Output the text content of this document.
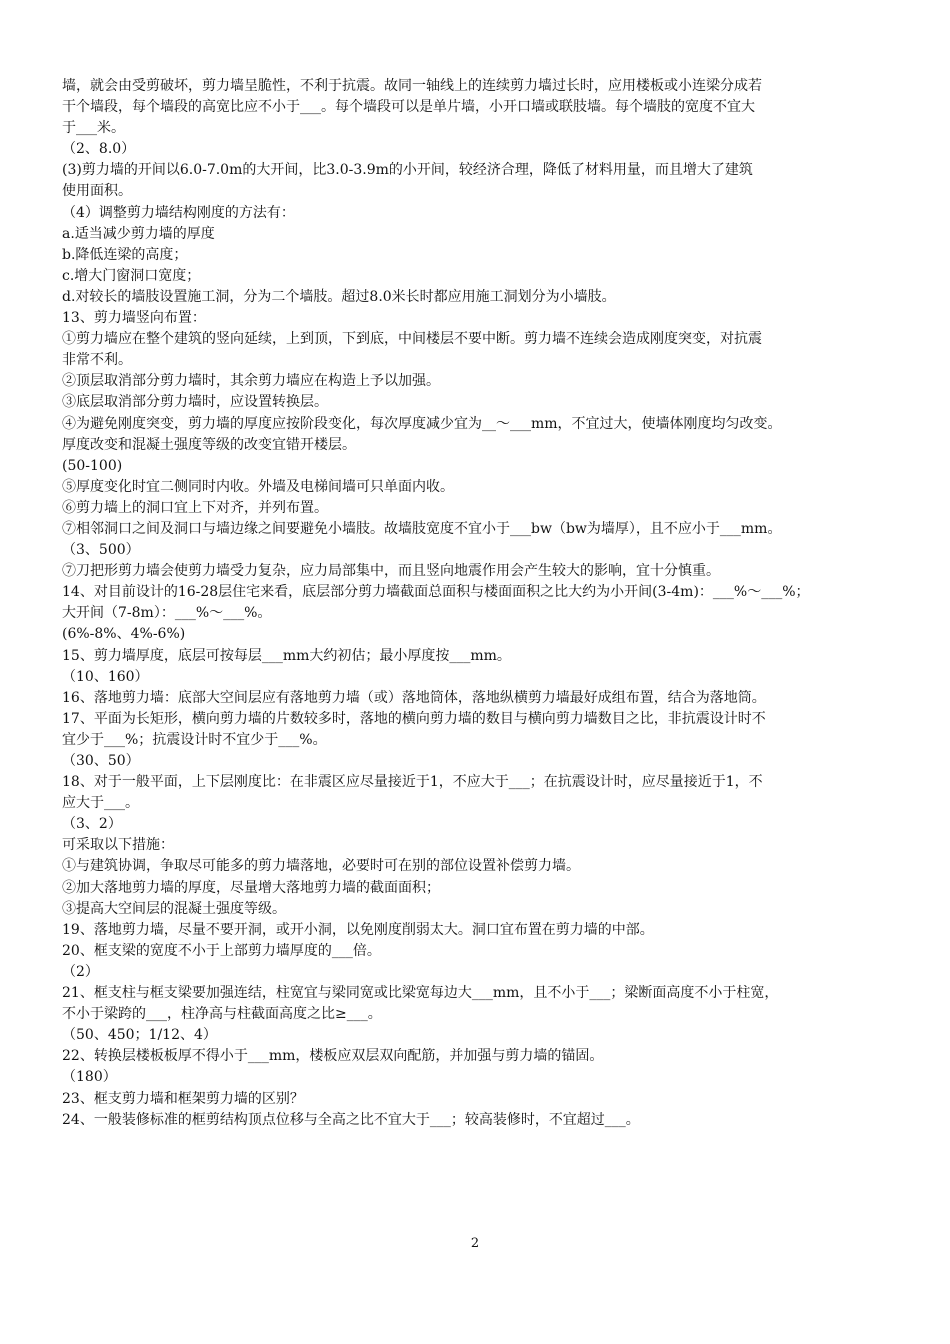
墙，就会由受剪破坏，剪力墙呈脆性，不利于抗震。故同一轴线上的连续剪力墙过长时，应用楼板或小连梁分成若
干个墙段，每个墙段的高宽比应不小于___。每个墙段可以是单片墙，小开口墙或联肢墙。每个墙肢的宽度不宜大
于___米。
（2、8.0）
(3)剪力墙的开间以6.0-7.0m的大开间，比3.0-3.9m的小开间，较经济合理，降低了材料用量，而且增大了建筑
使用面积。
（4）调整剪力墙结构刚度的方法有：
a.适当减少剪力墙的厚度
b.降低连梁的高度；
c.增大门窗洞口宽度；
d.对较长的墙肢设置施工洞，分为二个墙肢。超过8.0米长时都应用施工洞划分为小墙肢。
13、剪力墙竖向布置：
①剪力墙应在整个建筑的竖向延续，上到顶，下到底，中间楼层不要中断。剪力墙不连续会造成刚度突变，对抗震
非常不利。
②顶层取消部分剪力墙时，其余剪力墙应在构造上予以加强。
③底层取消部分剪力墙时，应设置转换层。
④为避免刚度突变，剪力墙的厚度应按阶段变化，每次厚度减少宜为__～___mm，不宜过大，使墙体刚度均匀改变。
厚度改变和混凝土强度等级的改变宜错开楼层。
(50-100)
⑤厚度变化时宜二侧同时内收。外墙及电梯间墙可只单面内收。
⑥剪力墙上的洞口宜上下对齐，并列布置。
⑦相邻洞口之间及洞口与墙边缘之间要避免小墙肢。故墙肢宽度不宜小于___bw（bw为墙厚），且不应小于___mm。
（3、500）
⑦刀把形剪力墙会使剪力墙受力复杂，应力局部集中，而且竖向地震作用会产生较大的影响，宜十分慎重。
14、对目前设计的16-28层住宅来看，底层部分剪力墙截面总面积与楼面面积之比大约为小开间(3-4m)：___%～___%；
大开间（7-8m）：___%～___%。
(6%-8%、4%-6%)
15、剪力墙厚度，底层可按每层___mm大约初估；最小厚度按___mm。
（10、160）
16、落地剪力墙：底部大空间层应有落地剪力墙（或）落地筒体，落地纵横剪力墙最好成组布置，结合为落地筒。
17、平面为长矩形，横向剪力墙的片数较多时，落地的横向剪力墙的数目与横向剪力墙数目之比，非抗震设计时不
宜少于___%；抗震设计时不宜少于___%。
（30、50）
18、对于一般平面，上下层刚度比：在非震区应尽量接近于1，不应大于___；在抗震设计时，应尽量接近于1，不
应大于___。
（3、2）
可采取以下措施：
①与建筑协调，争取尽可能多的剪力墙落地，必要时可在别的部位设置补偿剪力墙。
②加大落地剪力墙的厚度，尽量增大落地剪力墙的截面面积；
③提高大空间层的混凝土强度等级。
19、落地剪力墙，尽量不要开洞，或开小洞，以免刚度削弱太大。洞口宜布置在剪力墙的中部。
20、框支梁的宽度不小于上部剪力墙厚度的___倍。
（2）
21、框支柱与框支梁要加强连结，柱宽宜与梁同宽或比梁宽每边大___mm，且不小于___；梁断面高度不小于柱宽，
不小于梁跨的___，柱净高与柱截面高度之比≥___。
（50、450；1/12、4）
22、转换层楼板板厚不得小于___mm，楼板应双层双向配筋，并加强与剪力墙的锚固。
（180）
23、框支剪力墙和框架剪力墙的区别？
24、一般装修标准的框剪结构顶点位移与全高之比不宜大于___；较高装修时，不宜超过___。
2
